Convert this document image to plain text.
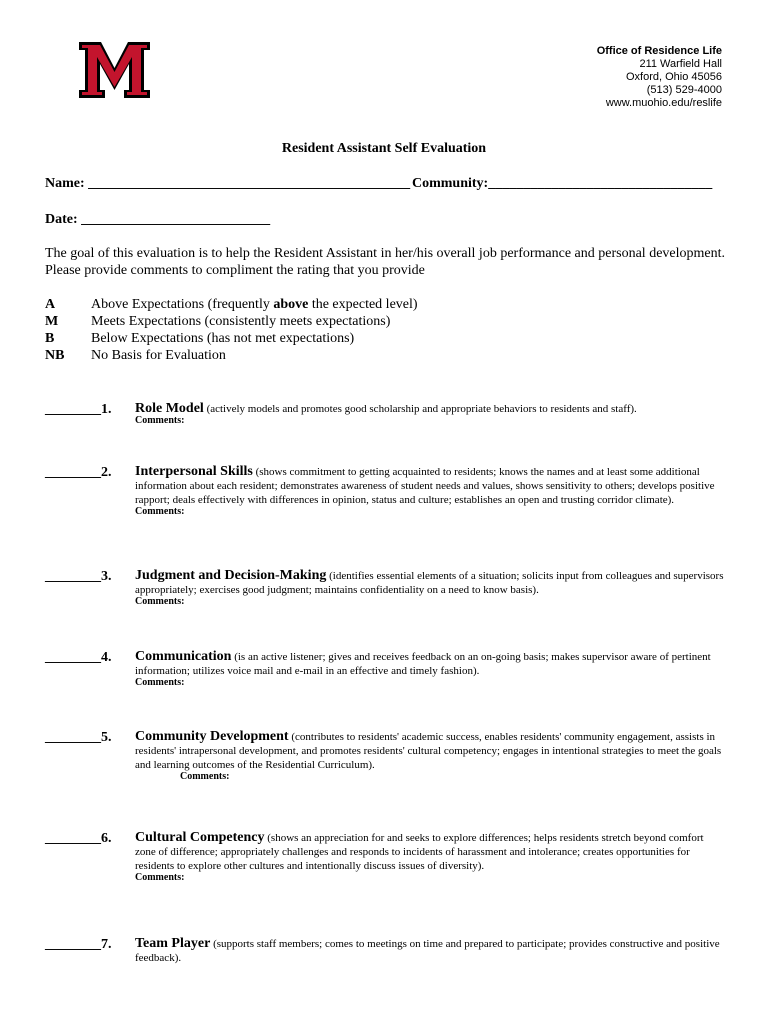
Office of Residence Life
211 Warfield Hall
Oxford, Ohio 45056
(513) 529-4000
www.muohio.edu/reslife
Resident Assistant Self Evaluation
Name: ______________________________________________ Community:________________________________
Date: ___________________________
The goal of this evaluation is to help the Resident Assistant in her/his overall job performance and personal development. Please provide comments to compliment the rating that you provide
A	Above Expectations (frequently above the expected level)
M	Meets Expectations (consistently meets expectations)
B	Below Expectations (has not met expectations)
NB	No Basis for Evaluation
________1. Role Model (actively models and promotes good scholarship and appropriate behaviors to residents and staff).
Comments:
________2. Interpersonal Skills (shows commitment to getting acquainted to residents; knows the names and at least some additional information about each resident; demonstrates awareness of student needs and values, shows sensitivity to others; develops positive rapport; deals effectively with differences in opinion, status and culture; establishes an open and trusting corridor climate).
Comments:
________3. Judgment and Decision-Making (identifies essential elements of a situation; solicits input from colleagues and supervisors appropriately; exercises good judgment; maintains confidentiality on a need to know basis).
Comments:
________4. Communication (is an active listener; gives and receives feedback on an on-going basis; makes supervisor aware of pertinent information; utilizes voice mail and e-mail in an effective and timely fashion).
Comments:
________5. Community Development (contributes to residents' academic success, enables residents' community engagement, assists in residents' intrapersonal development, and promotes residents' cultural competency; engages in intentional strategies to meet the goals and learning outcomes of the Residential Curriculum).
Comments:
________6. Cultural Competency (shows an appreciation for and seeks to explore differences; helps residents stretch beyond comfort zone of difference; appropriately challenges and responds to incidents of harassment and intolerance; creates opportunities for residents to explore other cultures and intentionally discuss issues of diversity).
Comments:
________7. Team Player (supports staff members; comes to meetings on time and prepared to participate; provides constructive and positive feedback).
